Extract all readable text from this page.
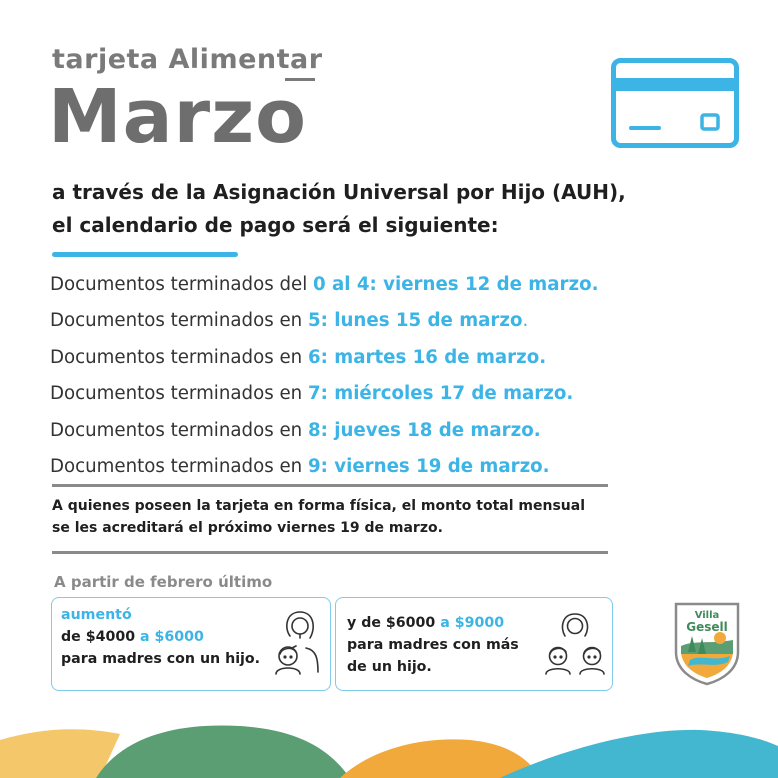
tarjeta Alimentar
Marzo
a través de la Asignación Universal por Hijo (AUH),
el calendario de pago será el siguiente:
Documentos terminados del
0 al 4: viernes 12 de marzo.
Documentos terminados en
5: lunes 15 de marzo .
Documentos terminados en
6: martes 16 de marzo.
Documentos terminados en
7: miércoles 17 de marzo.
Documentos terminados en
8: jueves 18 de marzo.
Documentos terminados en
9: viernes 19 de marzo.
A quienes poseen la tarjeta en forma física, el monto total mensual
se les acreditará el próximo viernes 19 de marzo.
A partir de febrero último
aumentó
de $4000 a $6000
para madres con un hijo.
y de $6000 a $9000
para madres con más
de un hijo.
Villa
Gesell
